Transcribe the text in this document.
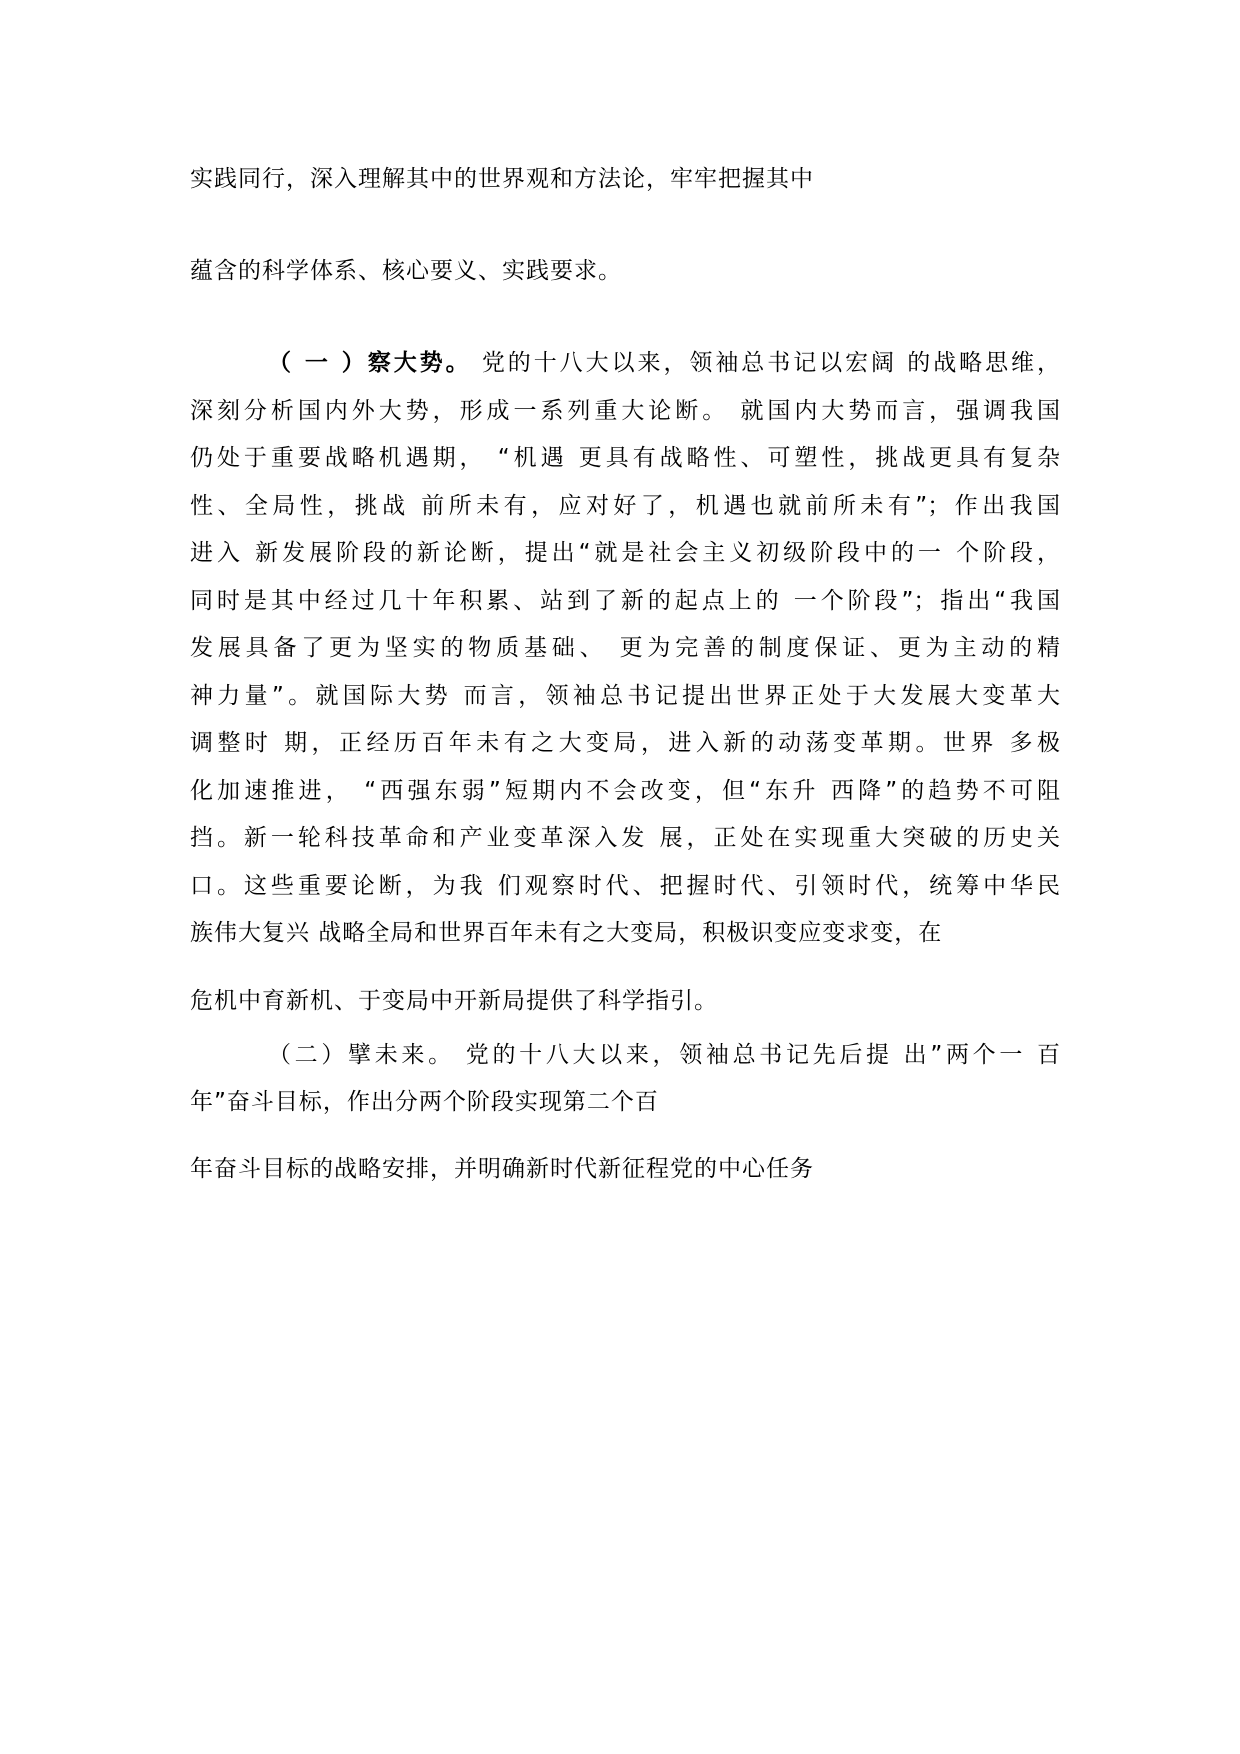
实践同行，深入理解其中的世界观和方法论，牢牢把握其中
蕴含的科学体系、核心要义、实践要求。
（ 一 ）察大势。 党的十八大以来，领袖总书记以宏阔 的战略思维，
深刻分析国内外大势，形成一系列重大论断。 就国内大势而言，强调我国
仍处于重要战略机遇期， “机遇 更具有战略性、可塑性，挑战更具有复杂
性、全局性，挑战 前所未有，应对好了，机遇也就前所未有”；作出我国
进入 新发展阶段的新论断，提出“就是社会主义初级阶段中的一 个阶段，
同时是其中经过几十年积累、站到了新的起点上的 一个阶段”；指出“我国
发展具备了更为坚实的物质基础、 更为完善的制度保证、更为主动的精
神力量”。就国际大势 而言，领袖总书记提出世界正处于大发展大变革大
调整时 期，正经历百年未有之大变局，进入新的动荡变革期。世界 多极
化加速推进， “西强东弱”短期内不会改变，但“东升 西降”的趋势不可阻
挡。新一轮科技革命和产业变革深入发 展，正处在实现重大突破的历史关
口。这些重要论断，为我 们观察时代、把握时代、引领时代，统筹中华民
族伟大复兴 战略全局和世界百年未有之大变局，积极识变应变求变，在
危机中育新机、于变局中开新局提供了科学指引。
（二）擘未来。 党的十八大以来，领袖总书记先后提 出”两个一 百
年”奋斗目标，作出分两个阶段实现第二个百
年奋斗目标的战略安排，并明确新时代新征程党的中心任务
